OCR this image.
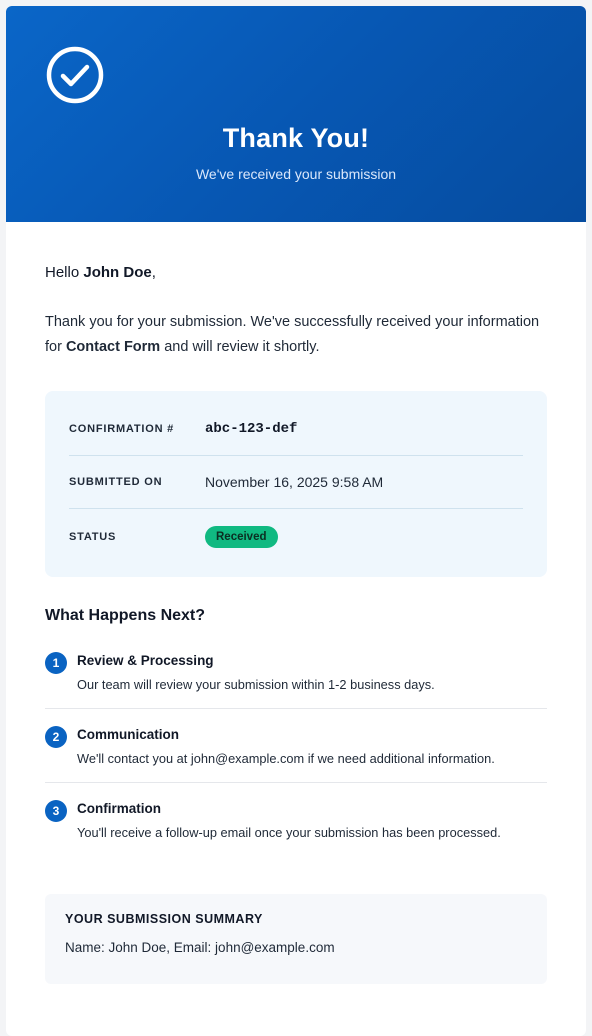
Thank You!
We've received your submission

Hello John Doe,

Thank you for your submission. We've successfully received your information for Contact Form and will review it shortly.

CONFIRMATION #	abc-123-def
SUBMITTED ON	November 16, 2025 9:58 AM
STATUS	Received
What Happens Next?
1	Review & Processing
Our team will review your submission within 1-2 business days.
2	Communication
We'll contact you at john@example.com if we need additional information.
3	Confirmation
You'll receive a follow-up email once your submission has been processed.
YOUR SUBMISSION SUMMARY
Name: John Doe, Email: john@example.com
